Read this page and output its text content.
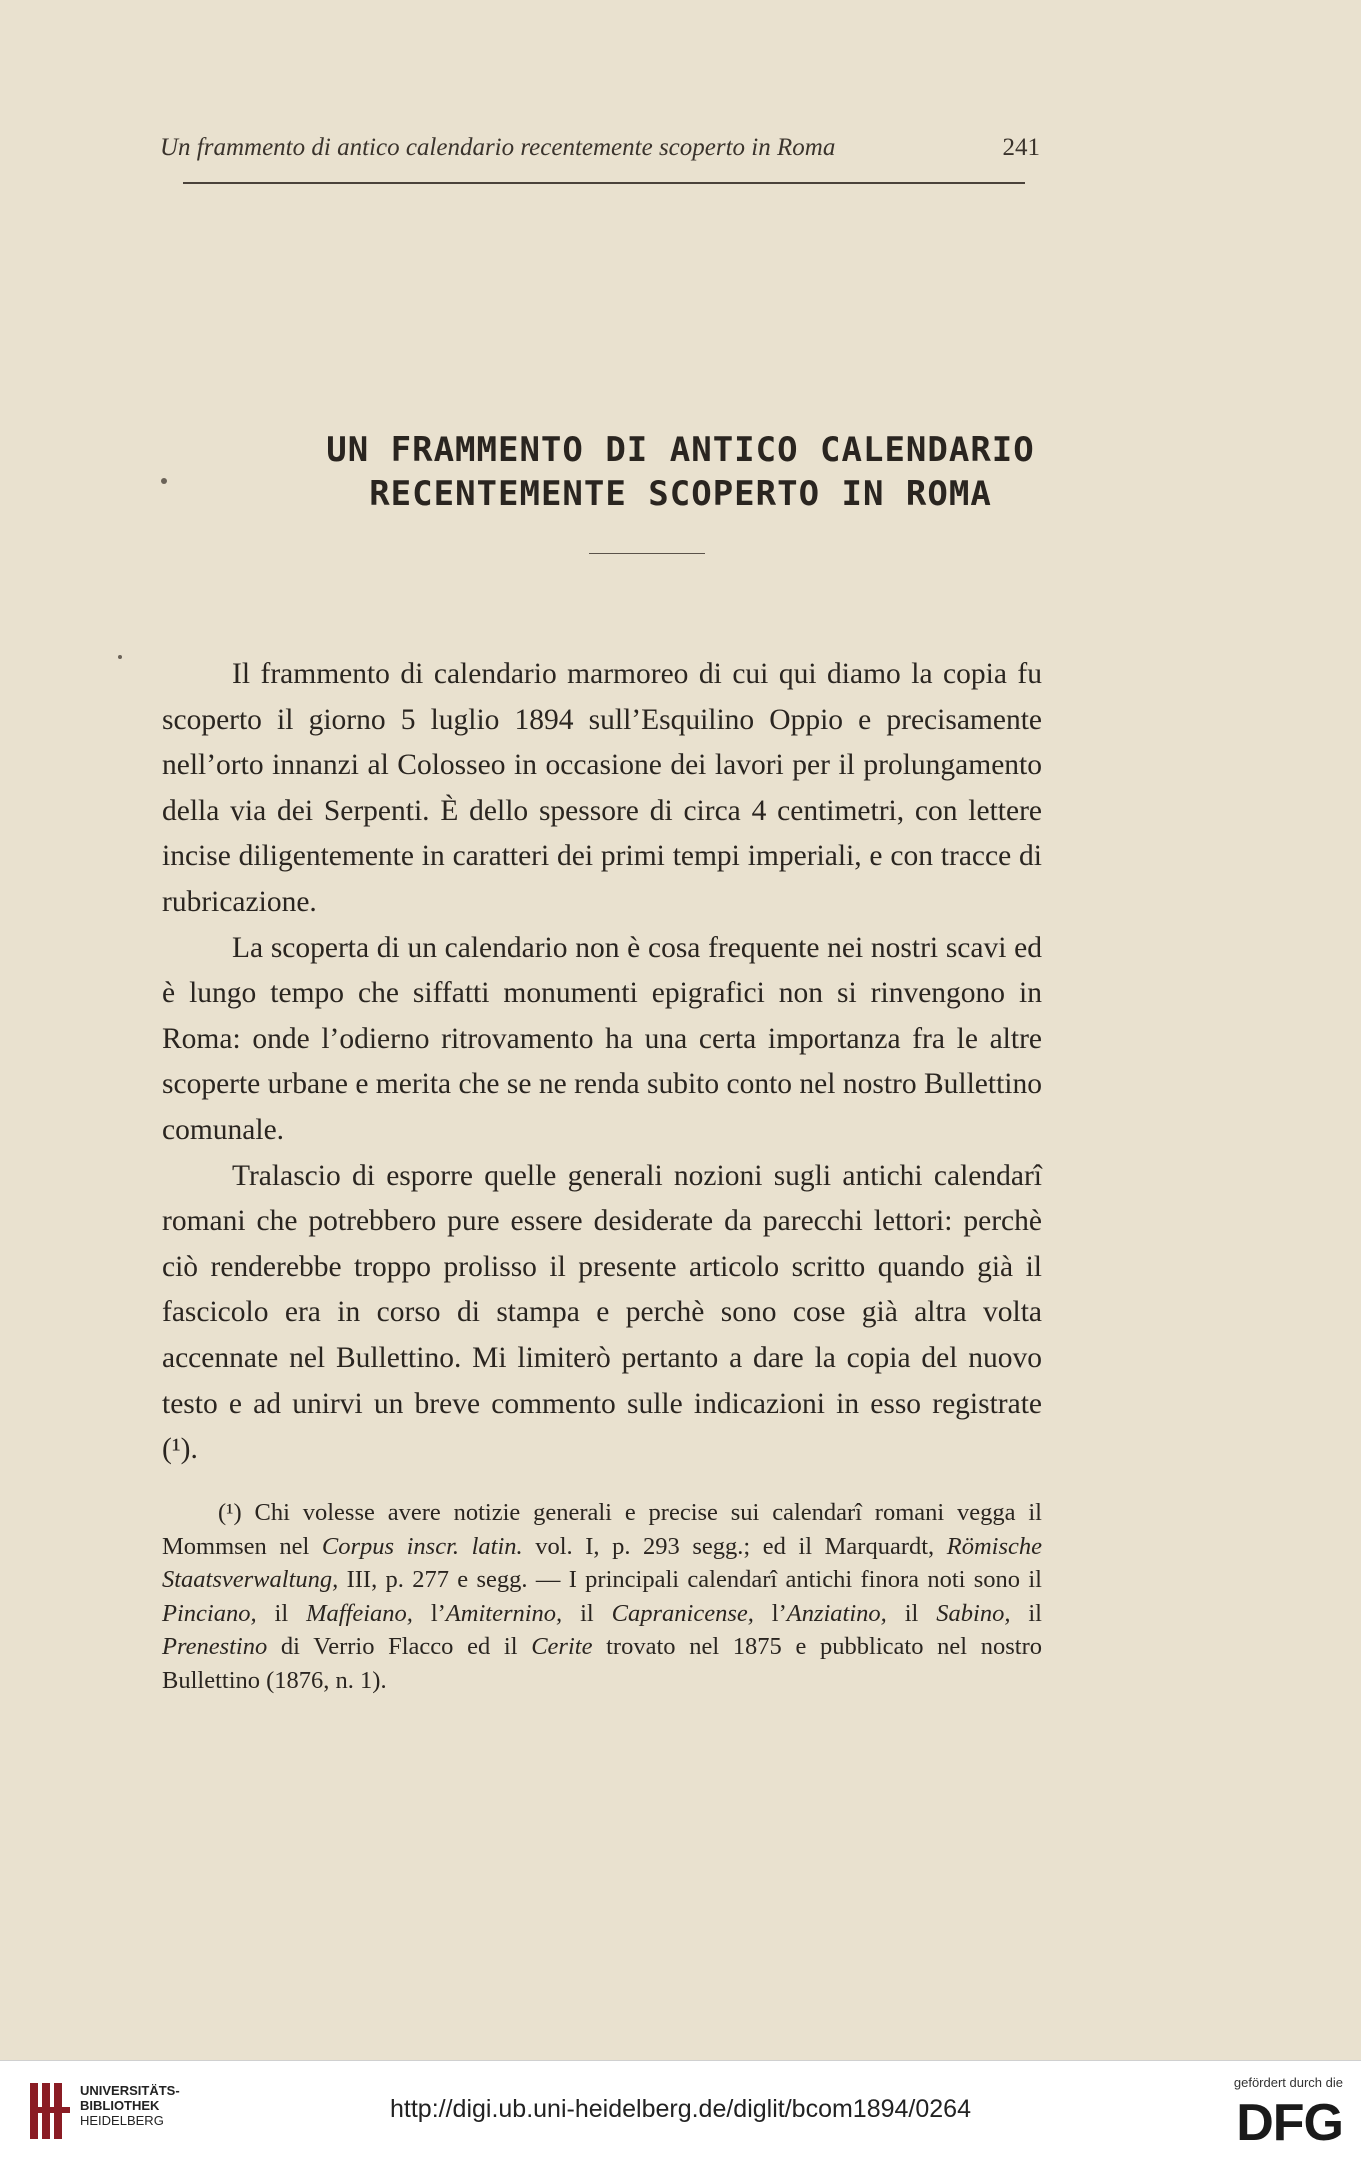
Un frammento di antico calendario recentemente scoperto in Roma	241
UN FRAMMENTO DI ANTICO CALENDARIO
RECENTEMENTE SCOPERTO IN ROMA

Il frammento di calendario marmoreo di cui qui diamo la copia fu scoperto il giorno 5 luglio 1894 sull’Esquilino Oppio e precisamente nell’orto innanzi al Colosseo in occasione dei lavori per il prolungamento della via dei Serpenti. È dello spessore di circa 4 centimetri, con lettere incise diligentemente in caratteri dei primi tempi imperiali, e con tracce di rubricazione.

La scoperta di un calendario non è cosa frequente nei nostri scavi ed è lungo tempo che siffatti monumenti epigrafici non si rinvengono in Roma: onde l’odierno ritrovamento ha una certa importanza fra le altre scoperte urbane e merita che se ne renda subito conto nel nostro Bullettino comunale.

Tralascio di esporre quelle generali nozioni sugli antichi calendarî romani che potrebbero pure essere desiderate da parecchi lettori: perchè ciò renderebbe troppo prolisso il presente articolo scritto quando già il fascicolo era in corso di stampa e perchè sono cose già altra volta accennate nel Bullettino. Mi limiterò pertanto a dare la copia del nuovo testo e ad unirvi un breve commento sulle indicazioni in esso registrate (¹).

(¹) Chi volesse avere notizie generali e precise sui calendarî romani vegga il Mommsen nel Corpus inscr. latin. vol. I, p. 293 segg.; ed il Marquardt, Römische Staatsverwaltung, III, p. 277 e segg. — I principali calendarî antichi finora noti sono il Pinciano, il Maffeiano, l’Amiternino, il Capranicense, l’Anziatino, il Sabino, il Prenestino di Verrio Flacco ed il Cerite trovato nel 1875 e pubblicato nel nostro Bullettino (1876, n. 1).
UNIVERSITÄTS-
BIBLIOTHEK
HEIDELBERG	http://digi.ub.uni-heidelberg.de/diglit/bcom1894/0264
gefördert durch die
DFG
